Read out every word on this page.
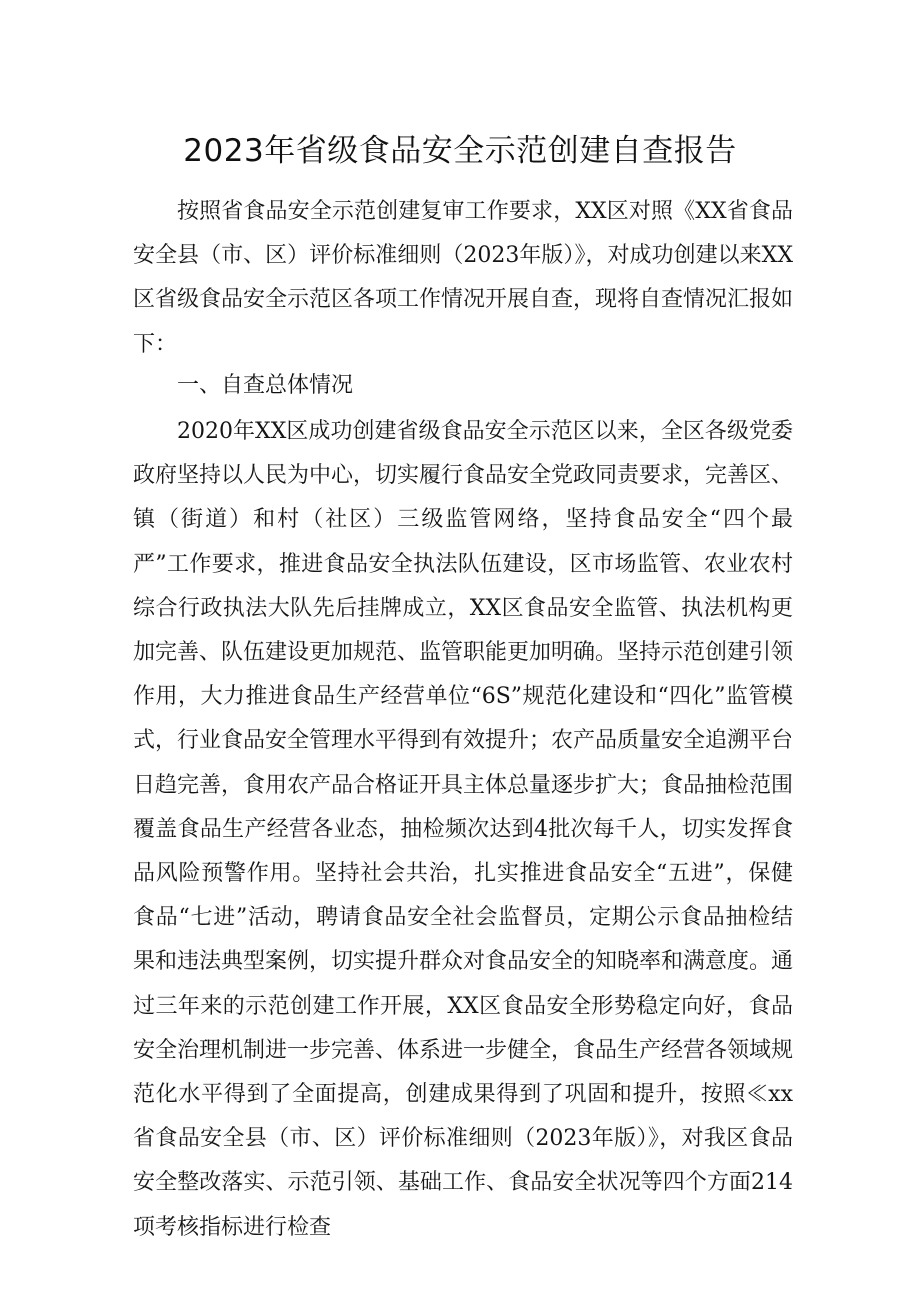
2023年省级食品安全示范创建自查报告

按照省食品安全示范创建复审工作要求，XX区对照《XX省食品安全县（市、区）评价标准细则（2023年版）》，对成功创建以来XX区省级食品安全示范区各项工作情况开展自查，现将自查情况汇报如下：

一、自查总体情况

2020年XX区成功创建省级食品安全示范区以来，全区各级党委政府坚持以人民为中心，切实履行食品安全党政同责要求，完善区、镇（街道）和村（社区）三级监管网络，坚持食品安全“四个最严”工作要求，推进食品安全执法队伍建设，区市场监管、农业农村综合行政执法大队先后挂牌成立，XX区食品安全监管、执法机构更加完善、队伍建设更加规范、监管职能更加明确。坚持示范创建引领作用，大力推进食品生产经营单位“6S”规范化建设和“四化”监管模式，行业食品安全管理水平得到有效提升；农产品质量安全追溯平台日趋完善，食用农产品合格证开具主体总量逐步扩大；食品抽检范围覆盖食品生产经营各业态，抽检频次达到4批次每千人，切实发挥食品风险预警作用。坚持社会共治，扎实推进食品安全“五进”，保健食品“七进”活动，聘请食品安全社会监督员，定期公示食品抽检结果和违法典型案例，切实提升群众对食品安全的知晓率和满意度。通过三年来的示范创建工作开展，XX区食品安全形势稳定向好，食品安全治理机制进一步完善、体系进一步健全，食品生产经营各领域规范化水平得到了全面提高，创建成果得到了巩固和提升，按照≪xx省食品安全县（市、区）评价标准细则（2023年版）》，对我区食品安全整改落实、示范引领、基础工作、食品安全状况等四个方面214项考核指标进行检查
